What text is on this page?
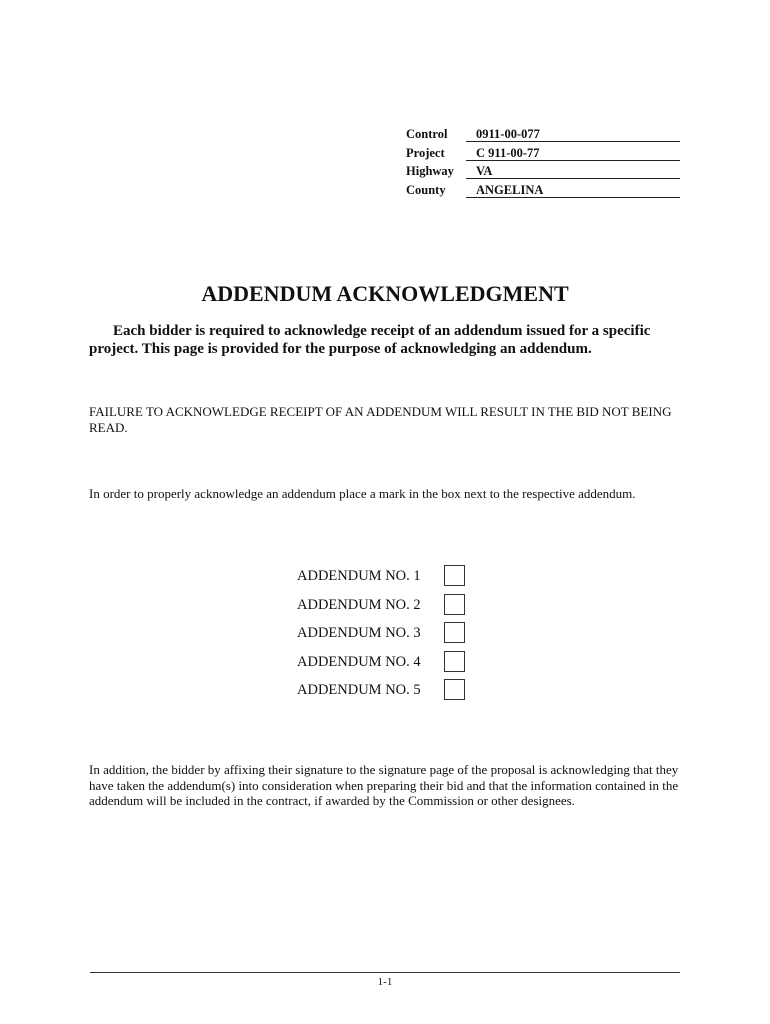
Control 0911-00-077
Project	C 911-00-77
Highway VA
County ANGELINA
ADDENDUM ACKNOWLEDGMENT

Each bidder is required to acknowledge receipt of an addendum issued for a specific project. This page is provided for the purpose of acknowledging an addendum.

FAILURE TO ACKNOWLEDGE RECEIPT OF AN ADDENDUM WILL RESULT IN THE BID NOT BEING READ.

In order to properly acknowledge an addendum place a mark in the box next to the respective addendum.

ADDENDUM NO. 1
ADDENDUM NO. 2
ADDENDUM NO. 3
ADDENDUM NO. 4
ADDENDUM NO. 5

In addition, the bidder by affixing their signature to the signature page of the proposal is acknowledging that they have taken the addendum(s) into consideration when preparing their bid and that the information contained in the addendum will be included in the contract, if awarded by the Commission or other designees.

1-1
